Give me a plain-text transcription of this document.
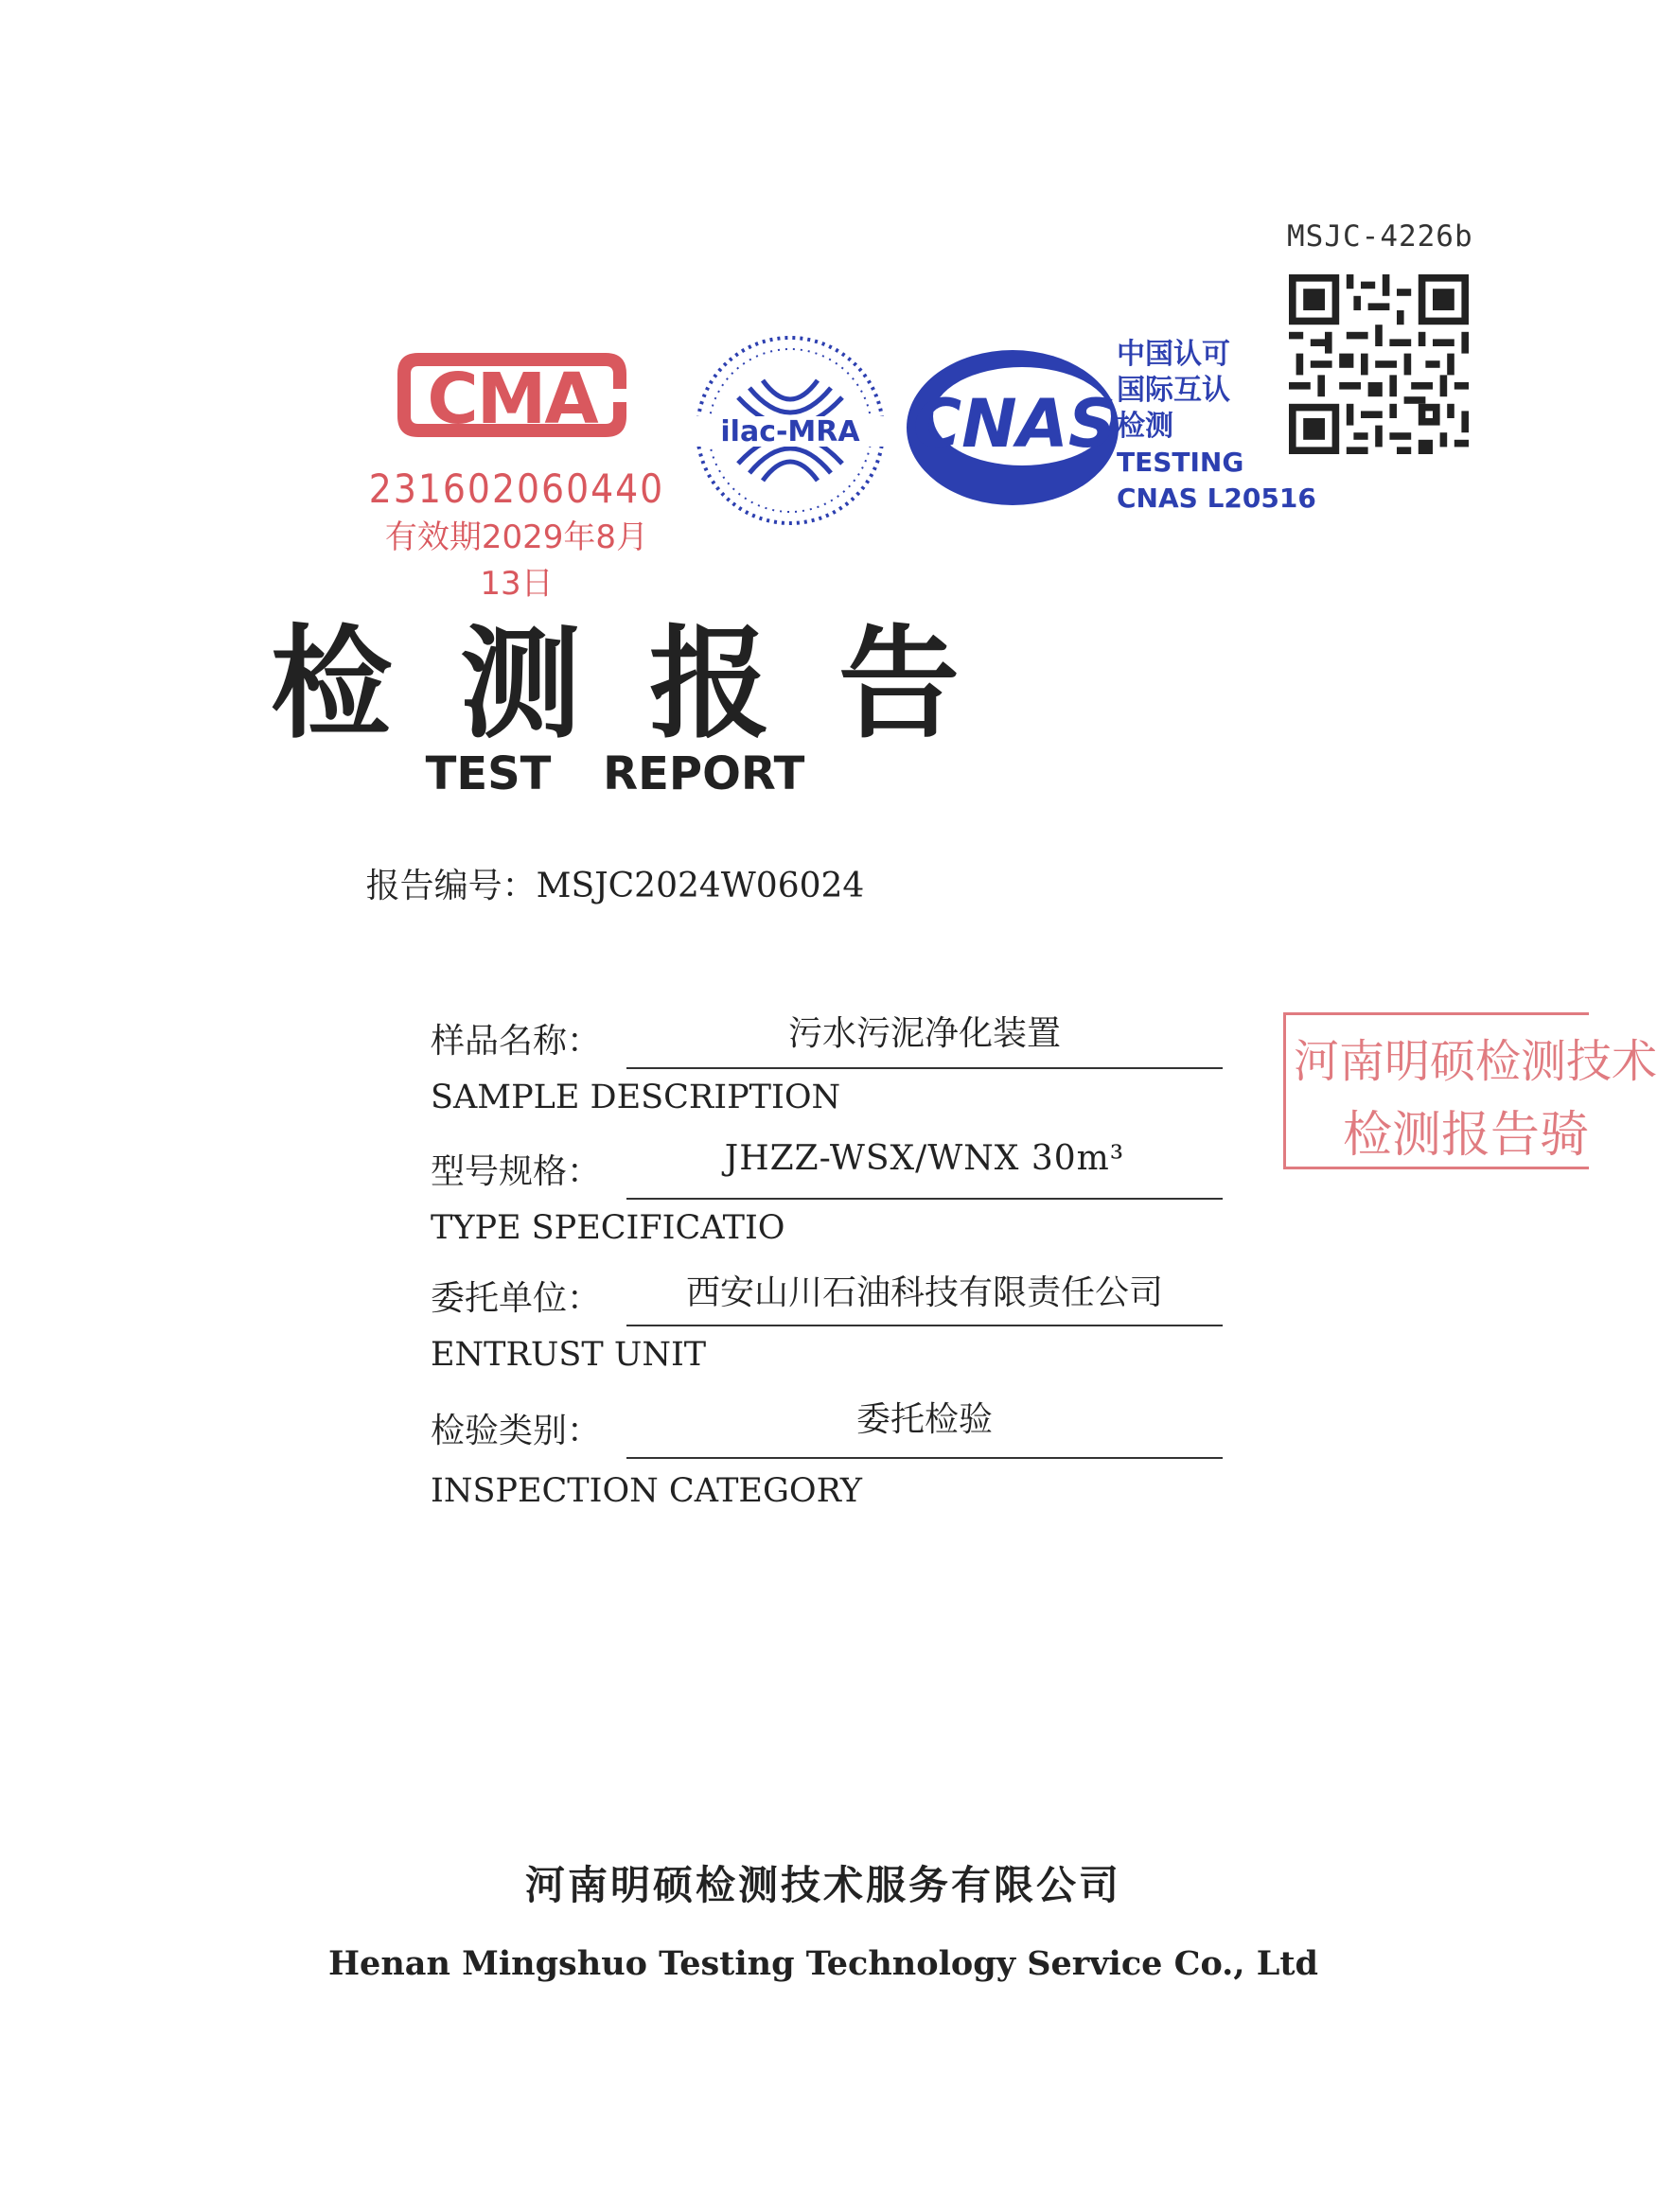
MSJC-4226b
CMA
231602060440
有效期2029年8月13日
ilac-MRA CNAS
中国认可
国际互认
检测
TESTING
CNAS L20516
检测报告
TEST REPORT
报告编号：MSJC2024W06024
样品名称：	污水污泥净化装置
SAMPLE DESCRIPTION
型号规格：	JHZZ-WSX/WNX 30m³
TYPE SPECIFICATIO
委托单位：	西安山川石油科技有限责任公司
ENTRUST UNIT
检验类别：	委托检验
INSPECTION CATEGORY
河南明硕检测技术
检测报告骑
河南明硕检测技术服务有限公司
Henan Mingshuo Testing Technology Service Co., Ltd
